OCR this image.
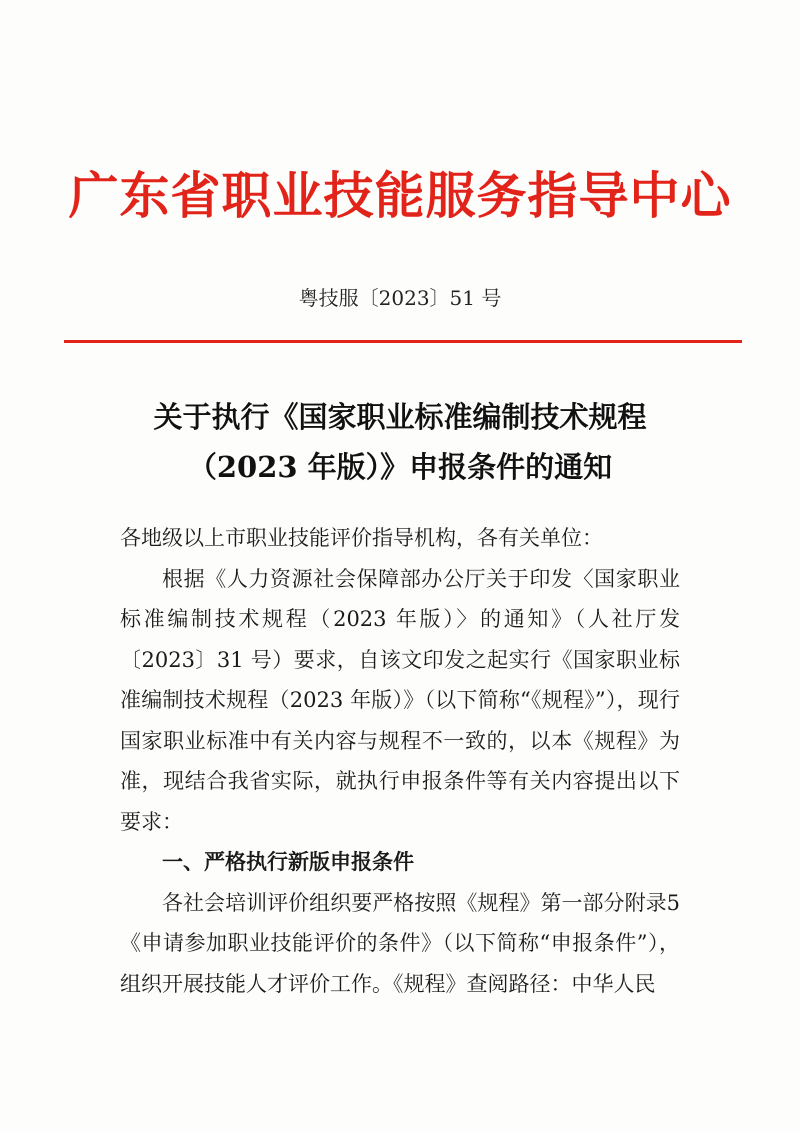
广东省职业技能服务指导中心
粤技服〔2023〕51 号
关于执行《国家职业标准编制技术规程
（2023 年版）》申报条件的通知

各地级以上市职业技能评价指导机构，各有关单位：

根据《人力资源社会保障部办公厅关于印发〈国家职业标准编制技术规程（2023 年版）〉的通知》（人社厅发〔2023〕31 号）要求，自该文印发之起实行《国家职业标准编制技术规程（2023 年版）》（以下简称“《规程》”），现行国家职业标准中有关内容与规程不一致的，以本《规程》为准，现结合我省实际，就执行申报条件等有关内容提出以下要求：

一、严格执行新版申报条件

各社会培训评价组织要严格按照《规程》第一部分附录5《申请参加职业技能评价的条件》（以下简称“申报条件”），组织开展技能人才评价工作。《规程》查阅路径：中华人民
